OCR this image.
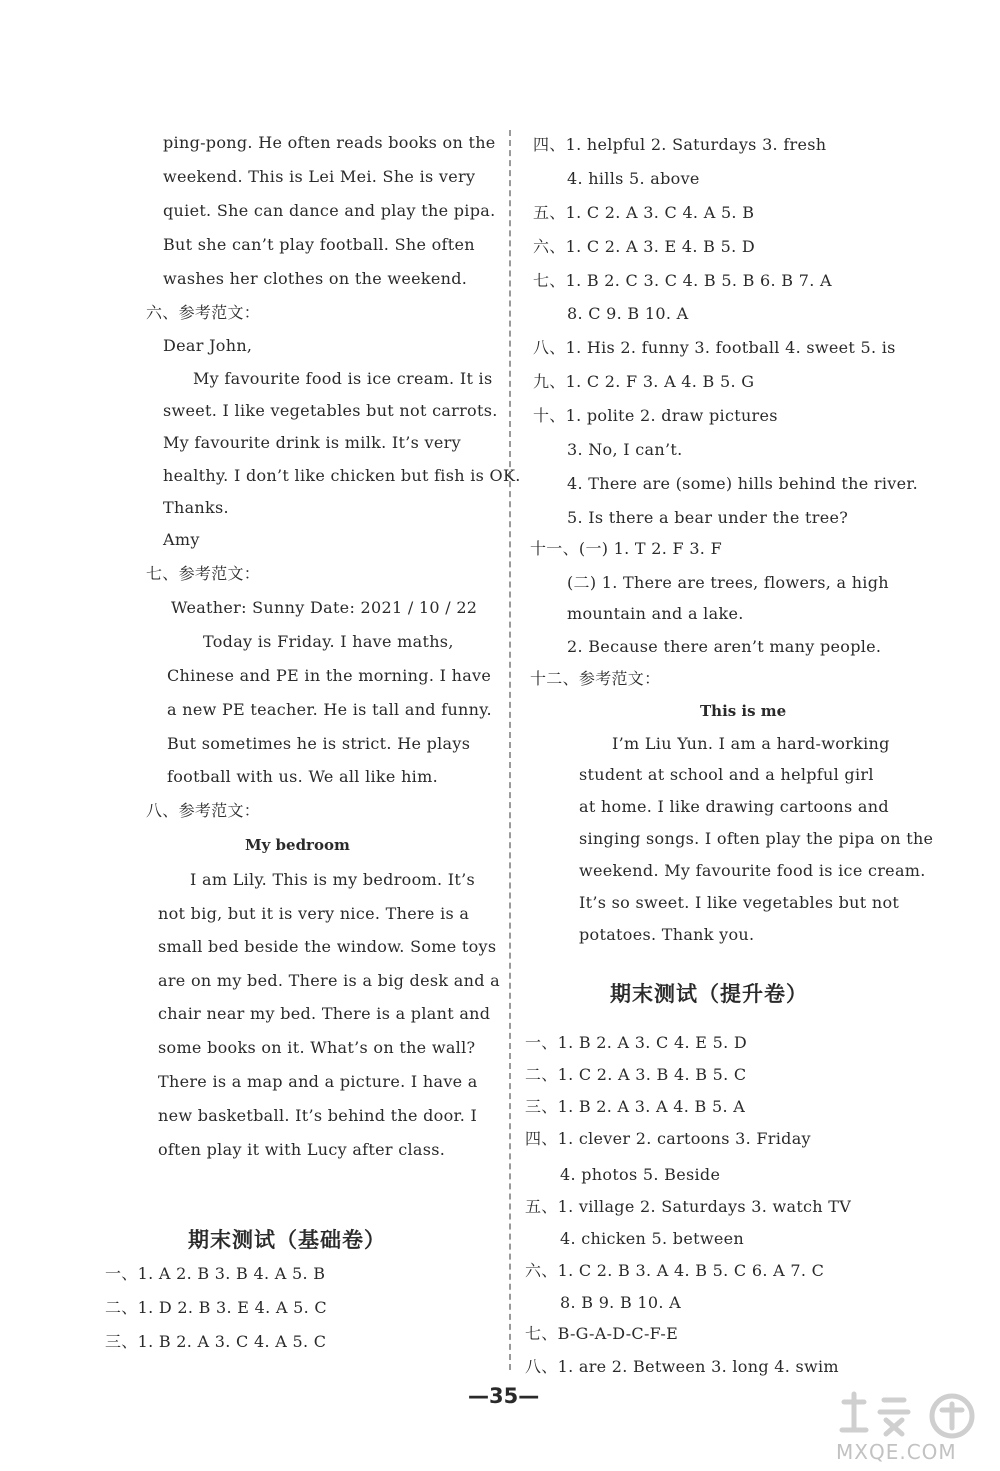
ping-pong. He often reads books on the
weekend. This is Lei Mei. She is very
quiet. She can dance and play the pipa.
But she can’t play football. She often
washes her clothes on the weekend.
六、参考范文：
Dear John,
My favourite food is ice cream. It is
sweet. I like vegetables but not carrots.
My favourite drink is milk. It’s very
healthy. I don’t like chicken but fish is OK.
Thanks.
Amy
七、参考范文：
Weather: Sunny Date: 2021 / 10 / 22
Today is Friday. I have maths,
Chinese and PE in the morning. I have
a new PE teacher. He is tall and funny.
But sometimes he is strict. He plays
football with us. We all like him.
八、参考范文：
My bedroom
I am Lily. This is my bedroom. It’s
not big, but it is very nice. There is a
small bed beside the window. Some toys
are on my bed. There is a big desk and a
chair near my bed. There is a plant and
some books on it. What’s on the wall?
There is a map and a picture. I have a
new basketball. It’s behind the door. I
often play it with Lucy after class.
期末测试（基础卷）
一、1. A 2. B 3. B 4. A 5. B
二、1. D 2. B 3. E 4. A 5. C
三、1. B 2. A 3. C 4. A 5. C
四、1. helpful 2. Saturdays 3. fresh
4. hills 5. above
五、1. C 2. A 3. C 4. A 5. B
六、1. C 2. A 3. E 4. B 5. D
七、1. B 2. C 3. C 4. B 5. B 6. B 7. A
8. C 9. B 10. A
八、1. His 2. funny 3. football 4. sweet 5. is
九、1. C 2. F 3. A 4. B 5. G
十、1. polite 2. draw pictures
3. No, I can’t.
4. There are (some) hills behind the river.
5. Is there a bear under the tree?
十一、(一) 1. T 2. F 3. F
(二) 1. There are trees, flowers, a high
mountain and a lake.
2. Because there aren’t many people.
十二、参考范文：
This is me
I’m Liu Yun. I am a hard-working
student at school and a helpful girl
at home. I like drawing cartoons and
singing songs. I often play the pipa on the
weekend. My favourite food is ice cream.
It’s so sweet. I like vegetables but not
potatoes. Thank you.
期末测试（提升卷）
一、1. B 2. A 3. C 4. E 5. D
二、1. C 2. A 3. B 4. B 5. C
三、1. B 2. A 3. A 4. B 5. A
四、1. clever 2. cartoons 3. Friday
4. photos 5. Beside
五、1. village 2. Saturdays 3. watch TV
4. chicken 5. between
六、1. C 2. B 3. A 4. B 5. C 6. A 7. C
8. B 9. B 10. A
七、B-G-A-D-C-F-E
八、1. are 2. Between 3. long 4. swim
—35—
MXQE.COM
